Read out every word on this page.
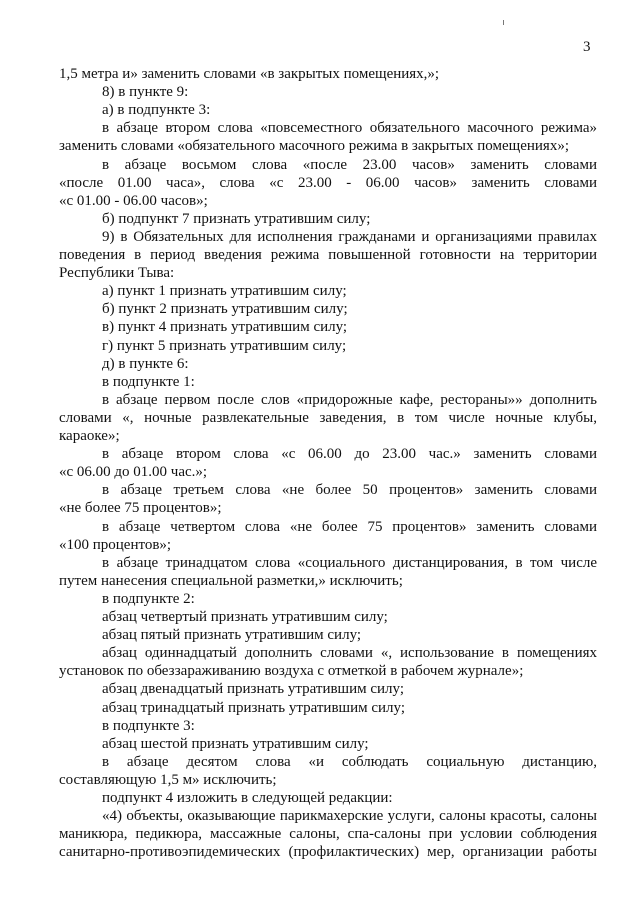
3
1,5 метра и» заменить словами «в закрытых помещениях,»;
8) в пункте 9:
а) в подпункте 3:
в абзаце втором слова «повсеместного обязательного масочного режима»
заменить словами «обязательного масочного режима в закрытых помещениях»;
в абзаце восьмом слова «после 23.00 часов» заменить словами
«после 01.00 часа», слова «с 23.00 - 06.00 часов» заменить словами
«с 01.00 - 06.00 часов»;
б) подпункт 7 признать утратившим силу;
9) в Обязательных для исполнения гражданами и организациями правилах
поведения в период введения режима повышенной готовности на территории
Республики Тыва:
а) пункт 1 признать утратившим силу;
б) пункт 2 признать утратившим силу;
в) пункт 4 признать утратившим силу;
г) пункт 5 признать утратившим силу;
д) в пункте 6:
в подпункте 1:
в абзаце первом после слов «придорожные кафе, рестораны»» дополнить
словами «, ночные развлекательные заведения, в том числе ночные клубы,
караоке»;
в абзаце втором слова «с 06.00 до 23.00 час.» заменить словами
«с 06.00 до 01.00 час.»;
в абзаце третьем слова «не более 50 процентов» заменить словами
«не более 75 процентов»;
в абзаце четвертом слова «не более 75 процентов» заменить словами
«100 процентов»;
в абзаце тринадцатом слова «социального дистанцирования, в том числе
путем нанесения специальной разметки,» исключить;
в подпункте 2:
абзац четвертый признать утратившим силу;
абзац пятый признать утратившим силу;
абзац одиннадцатый дополнить словами «, использование в помещениях
установок по обеззараживанию воздуха с отметкой в рабочем журнале»;
абзац двенадцатый признать утратившим силу;
абзац тринадцатый признать утратившим силу;
в подпункте 3:
абзац шестой признать утратившим силу;
в абзаце десятом слова «и соблюдать социальную дистанцию,
составляющую 1,5 м» исключить;
подпункт 4 изложить в следующей редакции:
«4) объекты, оказывающие парикмахерские услуги, салоны красоты, салоны
маникюра, педикюра, массажные салоны, спа-салоны при условии соблюдения
санитарно-противоэпидемических (профилактических) мер, организации работы
